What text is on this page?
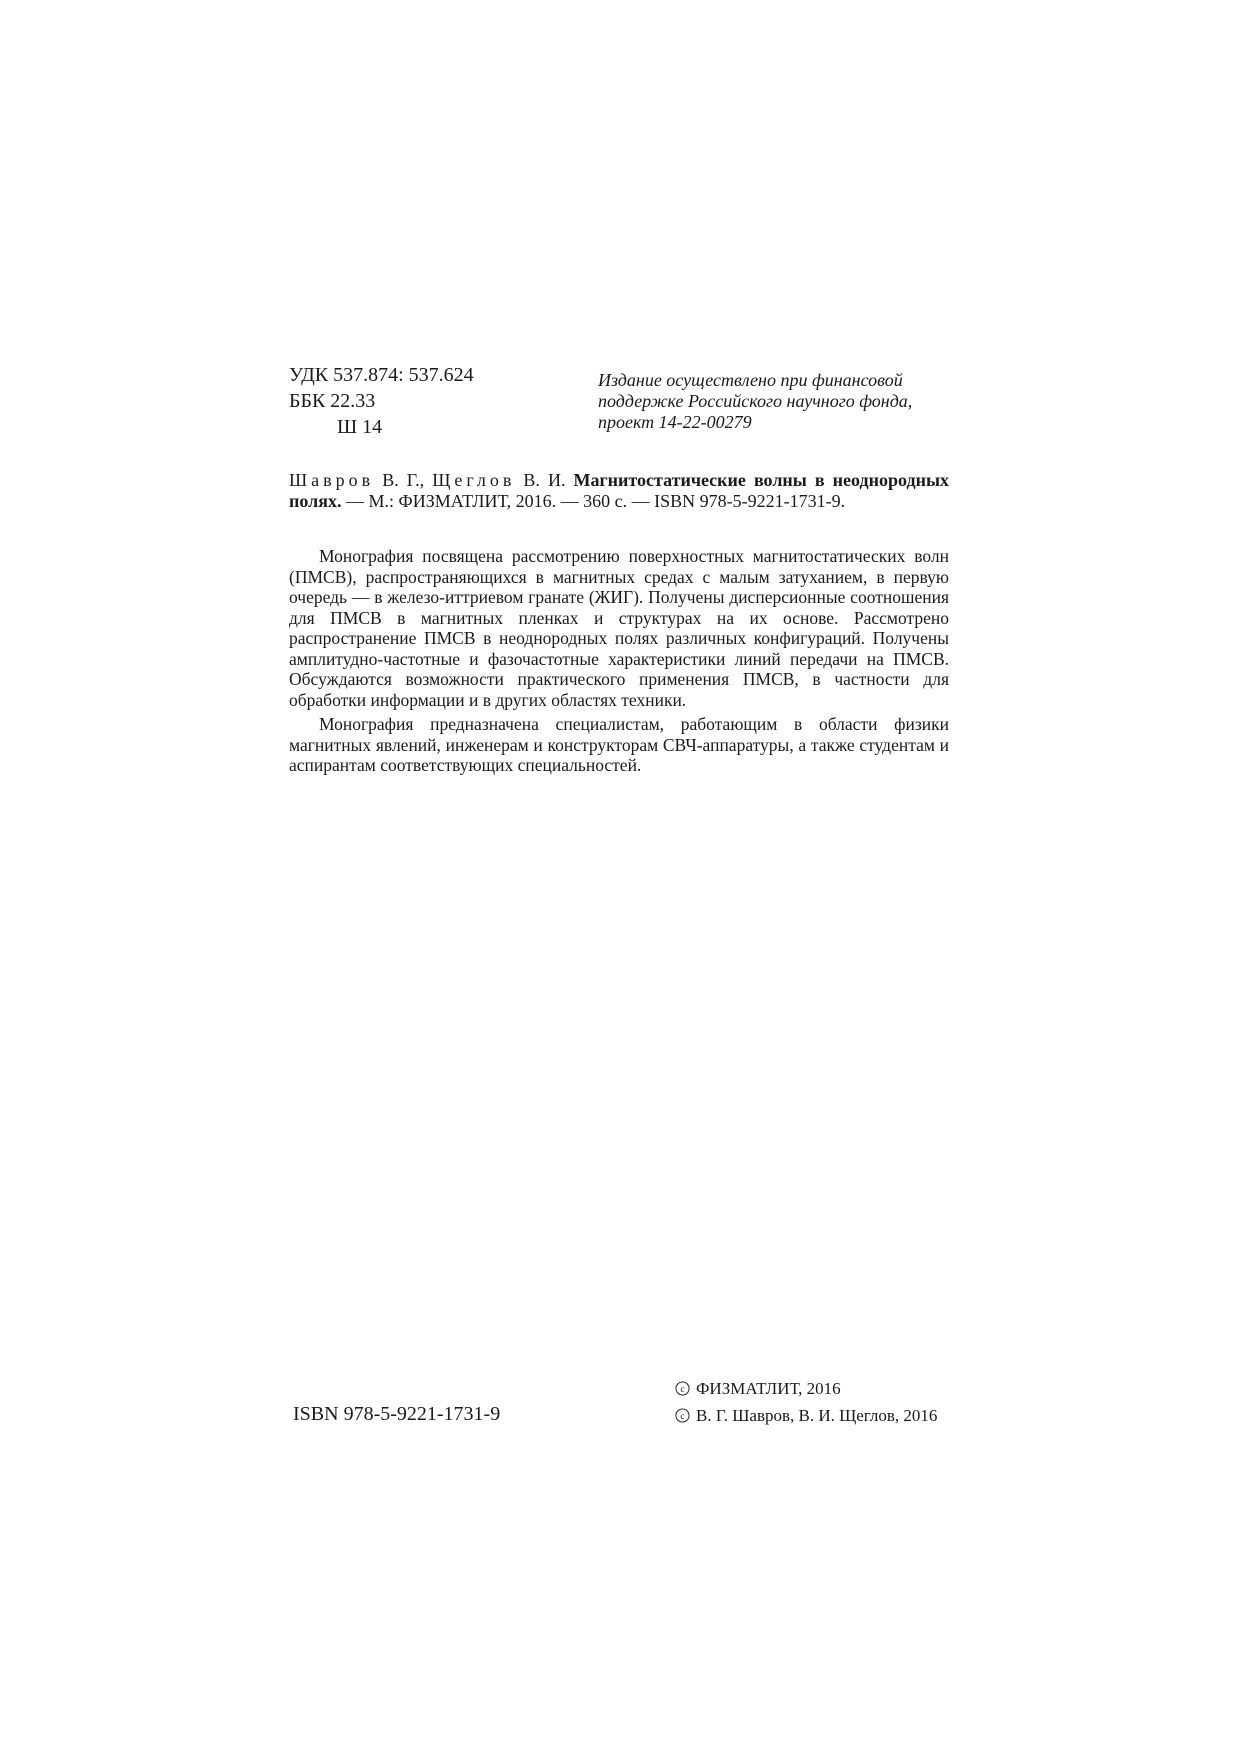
УДК 537.874: 537.624
ББК 22.33
Ш 14
Издание осуществлено при финансовой
поддержке Российского научного фонда,
проект 14-22-00279
Шавров В. Г., Щеглов В. И. Магнитостатические волны в неоднородных полях. — М.: ФИЗМАТЛИТ, 2016. — 360 с. — ISBN 978-5-9221-1731-9.

Монография посвящена рассмотрению поверхностных магнитостатических волн (ПМСВ), распространяющихся в магнитных средах с малым затуханием, в первую очередь — в железо-иттриевом гранате (ЖИГ). Получены дисперсионные соотношения для ПМСВ в магнитных пленках и структурах на их основе. Рассмотрено распространение ПМСВ в неоднородных полях различных конфигураций. Получены амплитудно-частотные и фазочастотные характеристики линий передачи на ПМСВ. Обсуждаются возможности практического применения ПМСВ, в частности для обработки информации и в других областях техники.

Монография предназначена специалистам, работающим в области физики магнитных явлений, инженерам и конструкторам СВЧ-аппаратуры, а также студентам и аспирантам соответствующих специальностей.

ISBN 978-5-9221-1731-9
c ФИЗМАТЛИТ, 2016
c В. Г. Шавров, В. И. Щеглов, 2016
